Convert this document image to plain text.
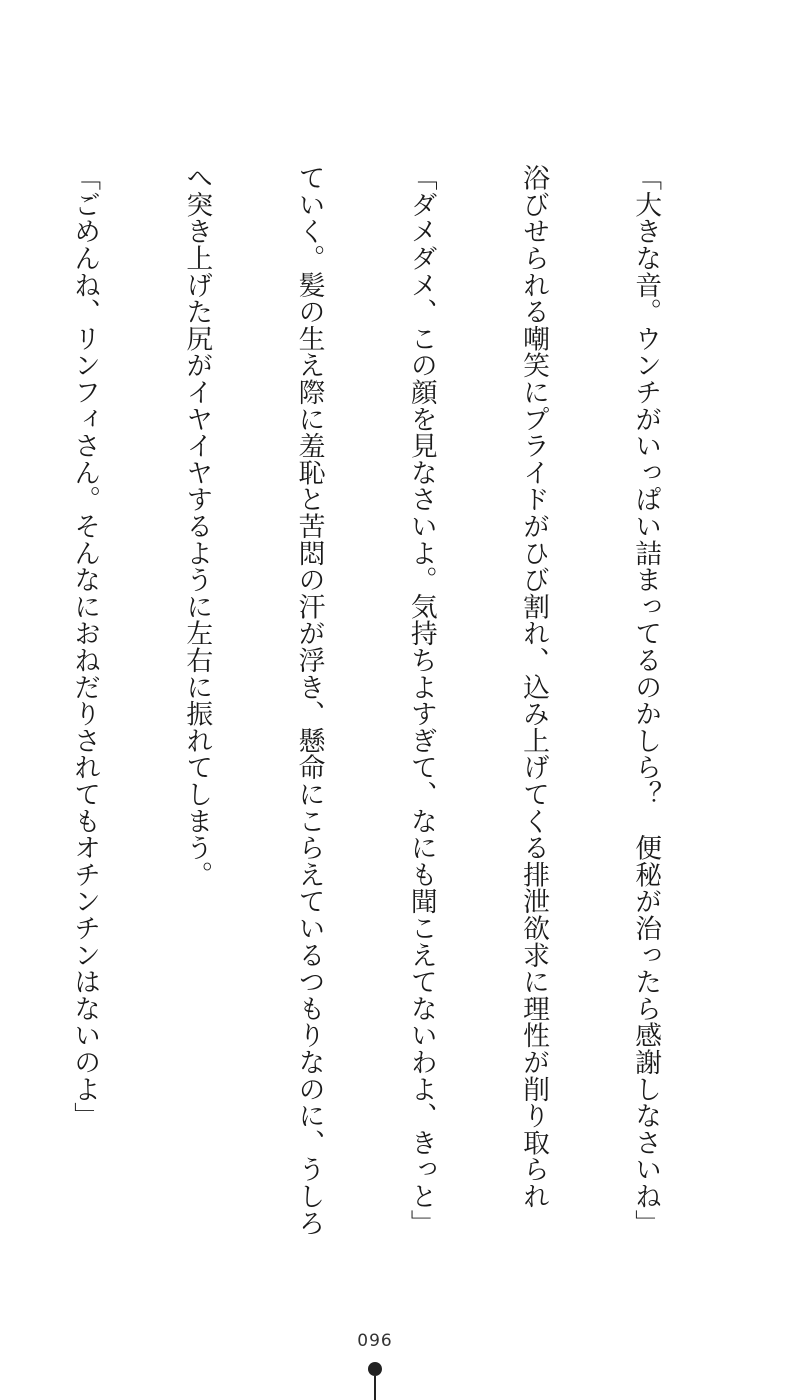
「大きな音。ウンチがいっぱい詰まってるのかしら？　便秘が治ったら感謝しなさいね」

浴びせられる嘲笑にプライドがひび割れ、込み上げてくる排泄欲求に理性が削り取られ

「ダメダメ、この顔を見なさいよ。気持ちよすぎて、なにも聞こえてないわよ、きっと」

ていく。髪の生え際に羞恥と苦悶の汗が浮き、懸命にこらえているつもりなのに、うしろ

へ突き上げた尻がイヤイヤするように左右に振れてしまう。

「ごめんね、リンフィさん。そんなにおねだりされてもオチンチンはないのよ」

096
